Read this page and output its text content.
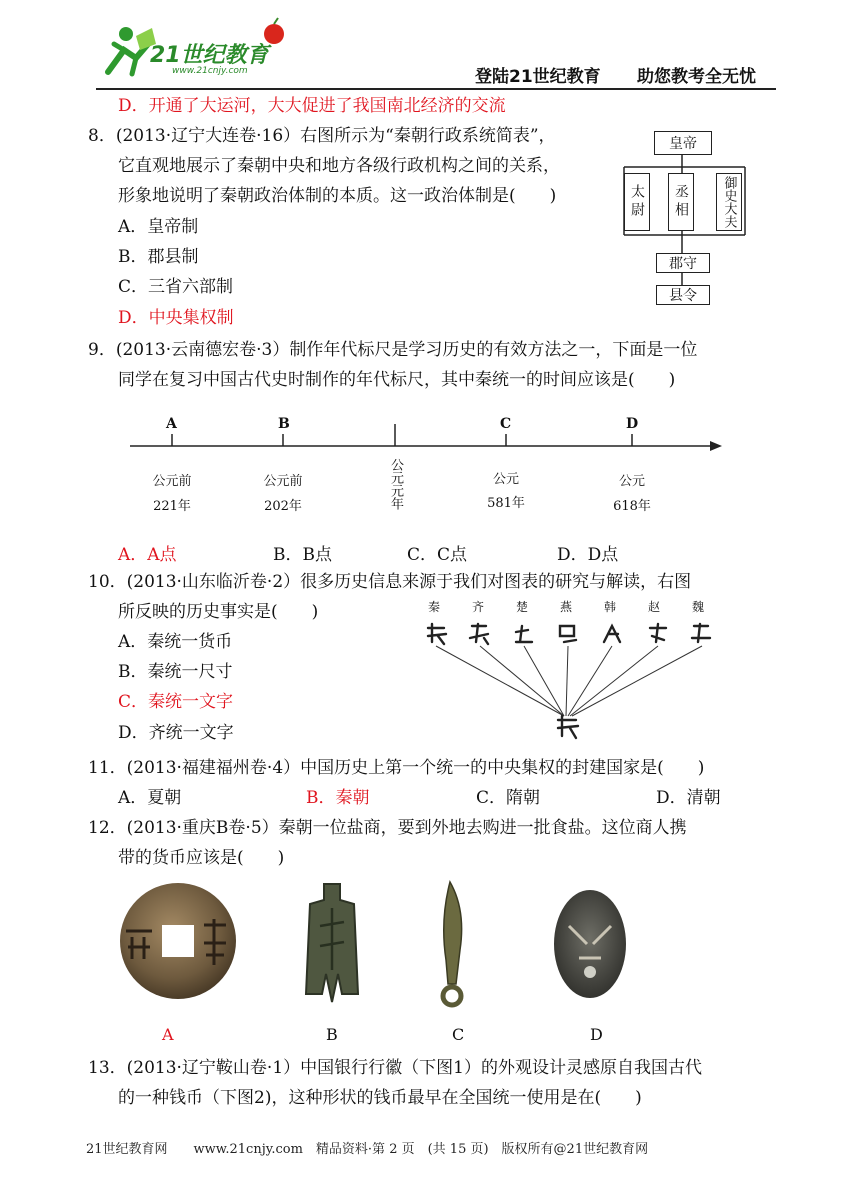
21世纪教育
www.21cnjy.com	登陆21世纪教育 助您教考全无忧
D．开通了大运河，大大促进了我国南北经济的交流
8．(2013·辽宁大连卷·16）右图所示为“秦朝行政系统简表”，
它直观地展示了秦朝中央和地方各级行政机构之间的关系，
形象地说明了秦朝政治体制的本质。这一政治体制是(　　)
A．皇帝制
B．郡县制
C．三省六部制
D．中央集权制
皇帝
太尉	丞相	御史大夫
郡守
县令
9．(2013·云南德宏卷·3）制作年代标尺是学习历史的有效方法之一，下面是一位
同学在复习中国古代史时制作的年代标尺，其中秦统一的时间应该是(　　)
A	B	C	D
公元前
221年
公元前
202年	公元元年	公元
581年
公元
618年
A．A点	B．B点	C．C点	D．D点
10．(2013·山东临沂卷·2）很多历史信息来源于我们对图表的研究与解读，右图
所反映的历史事实是(　　)
A．秦统一货币
B．秦统一尺寸
C．秦统一文字
D．齐统一文字
秦	齐	楚	燕	韩	赵	魏
11．(2013·福建福州卷·4）中国历史上第一个统一的中央集权的封建国家是(　　)
A．夏朝	B．秦朝	C．隋朝	D．清朝
12．(2013·重庆B卷·5）秦朝一位盐商，要到外地去购进一批食盐。这位商人携
带的货币应该是(　　)
A	B	C	D
13．(2013·辽宁鞍山卷·1）中国银行行徽（下图1）的外观设计灵感原自我国古代
的一种钱币（下图2)，这种形状的钱币最早在全国统一使用是在(　　)
21世纪教育网　　www.21cnjy.com　精品资料·第 2 页　(共 15 页)　版权所有@21世纪教育网
